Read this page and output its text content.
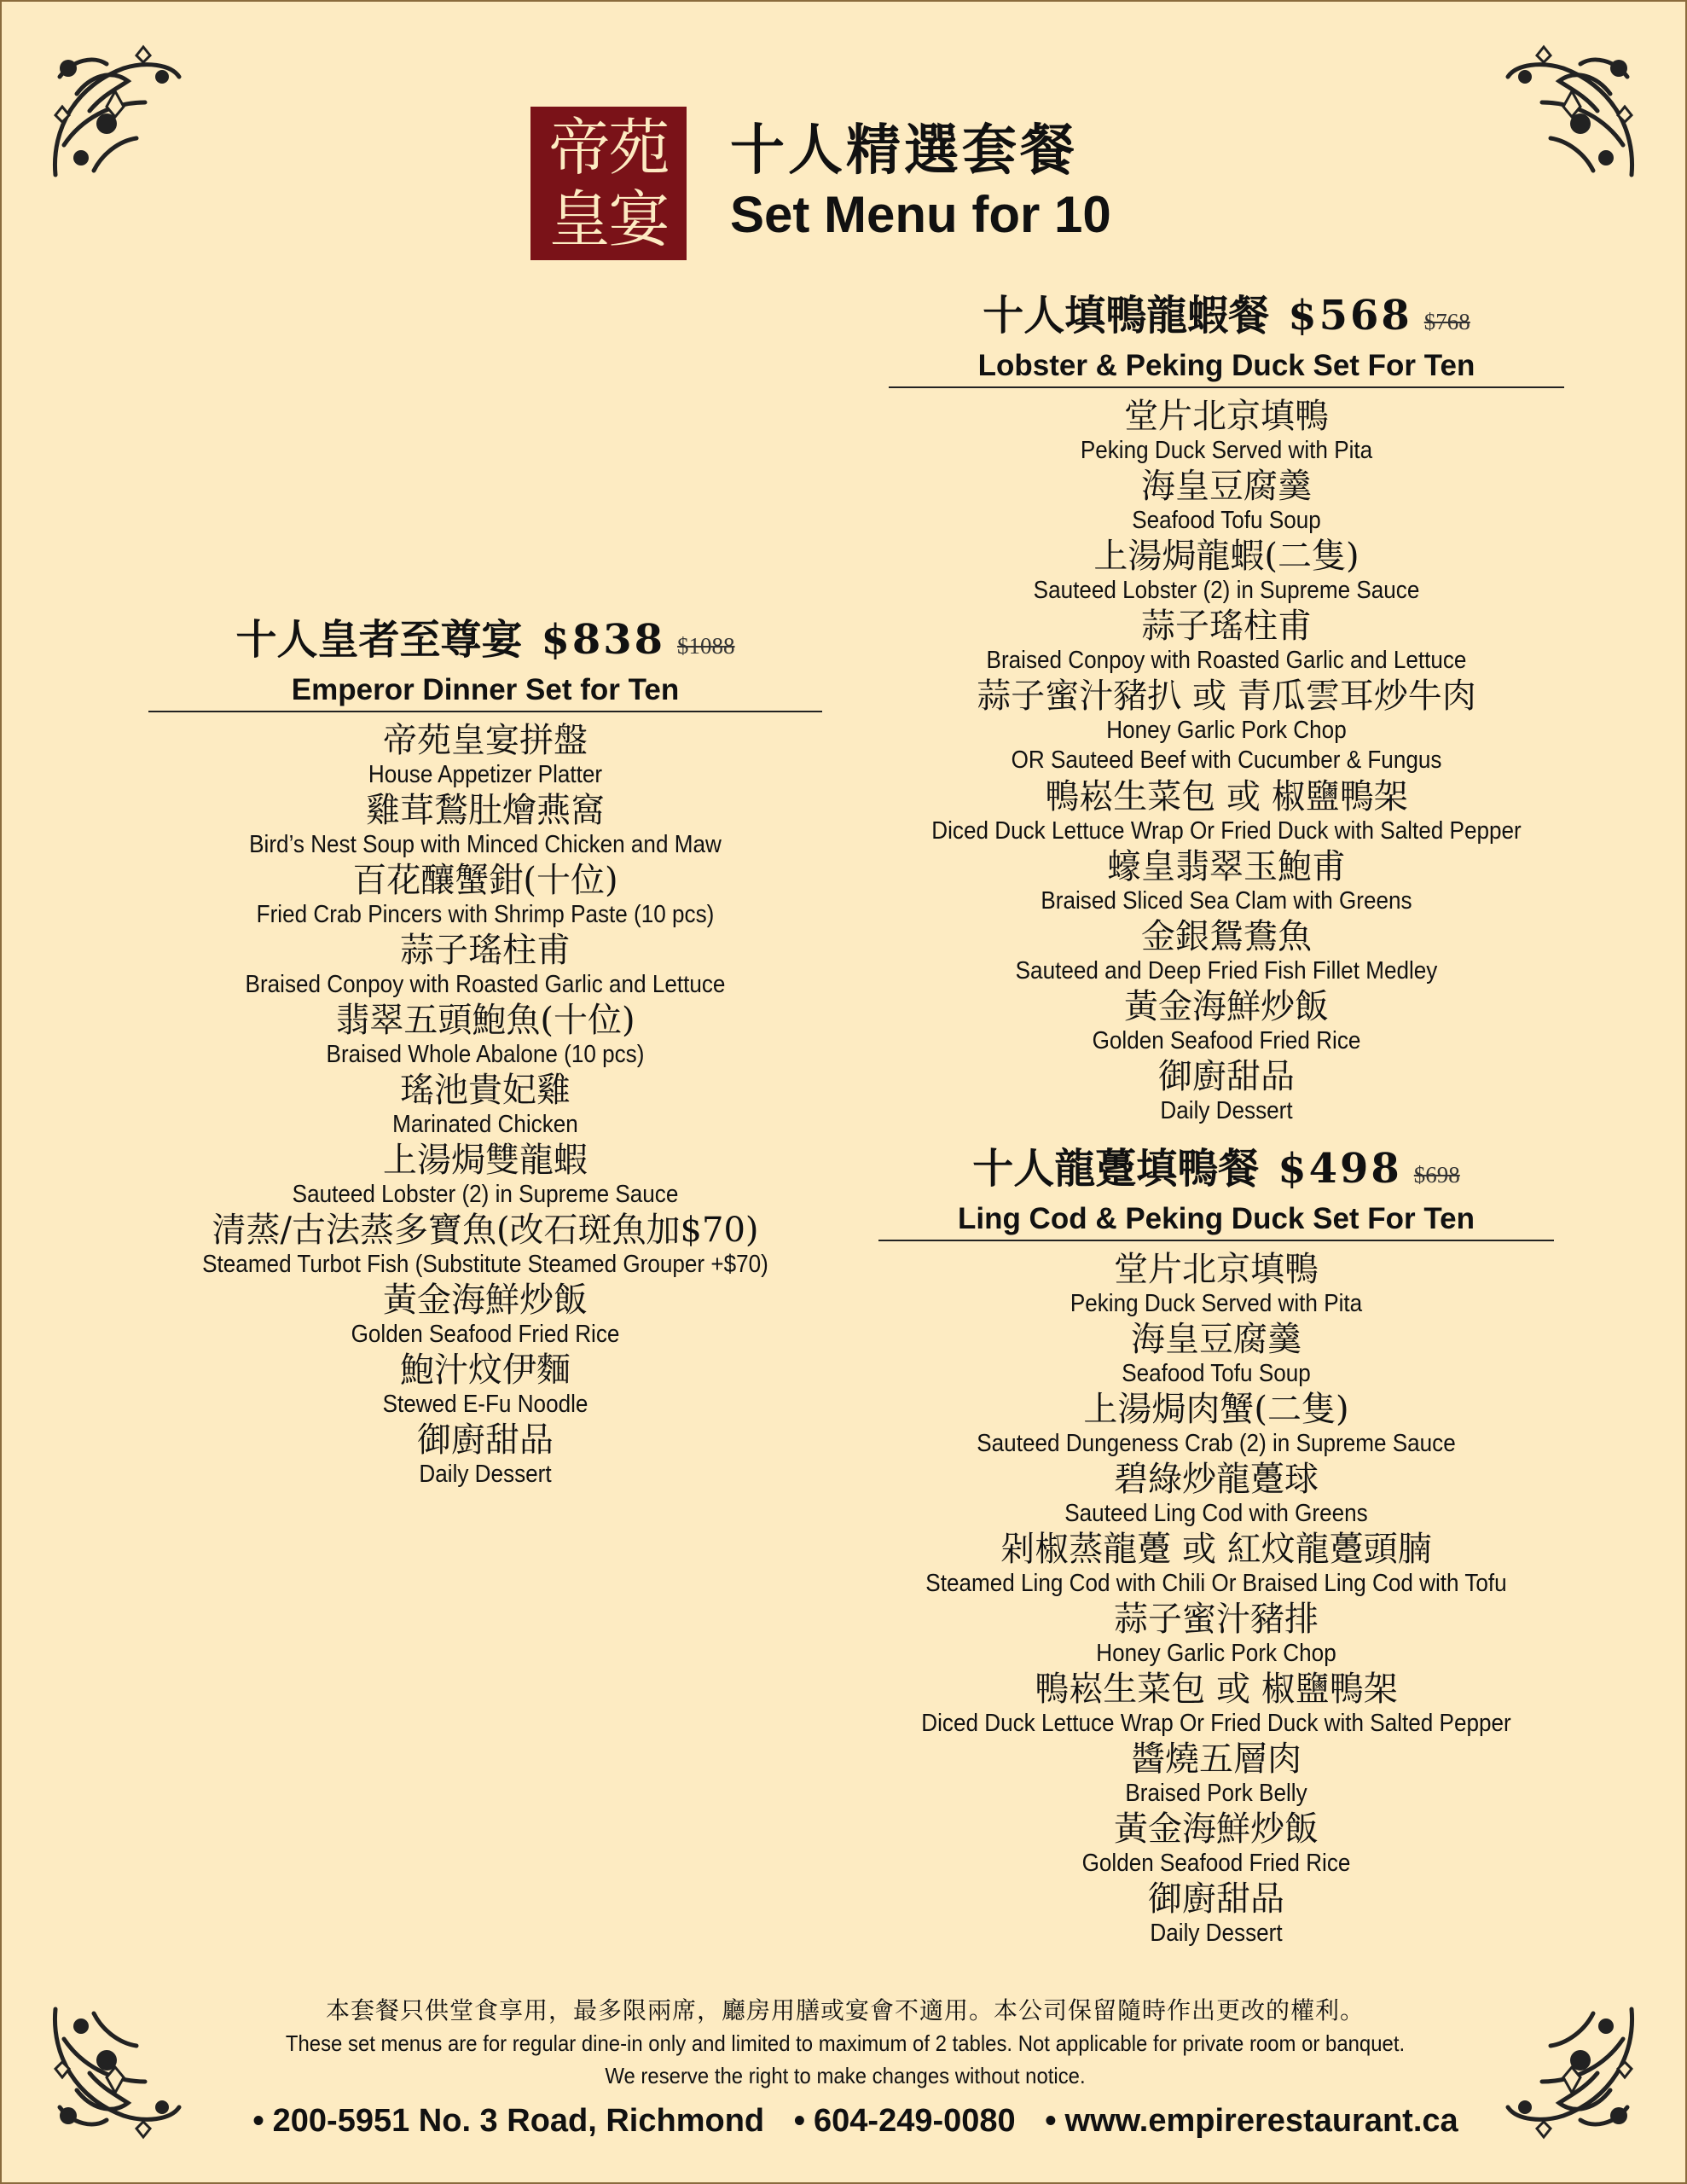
帝苑
皇宴
十人精選套餐
Set Menu for 10
十人皇者至尊宴 $838 $1088
Emperor Dinner Set for Ten
帝苑皇宴拼盤
House Appetizer Platter
雞茸鶖肚燴燕窩
Bird’s Nest Soup with Minced Chicken and Maw
百花釀蟹鉗(十位)
Fried Crab Pincers with Shrimp Paste (10 pcs)
蒜子瑤柱甫
Braised Conpoy with Roasted Garlic and Lettuce
翡翠五頭鮑魚(十位)
Braised Whole Abalone (10 pcs)
瑤池貴妃雞
Marinated Chicken
上湯焗雙龍蝦
Sauteed Lobster (2) in Supreme Sauce
清蒸/古法蒸多寶魚(改石斑魚加$70)
Steamed Turbot Fish (Substitute Steamed Grouper +$70)
黃金海鮮炒飯
Golden Seafood Fried Rice
鮑汁炆伊麵
Stewed E-Fu Noodle
御廚甜品
Daily Dessert
十人填鴨龍蝦餐 $568 $768
Lobster & Peking Duck Set For Ten
堂片北京填鴨
Peking Duck Served with Pita
海皇豆腐羹
Seafood Tofu Soup
上湯焗龍蝦(二隻)
Sauteed Lobster (2) in Supreme Sauce
蒜子瑤柱甫
Braised Conpoy with Roasted Garlic and Lettuce
蒜子蜜汁豬扒 或 青瓜雲耳炒牛肉
Honey Garlic Pork Chop
OR Sauteed Beef with Cucumber & Fungus
鴨崧生菜包 或 椒鹽鴨架
Diced Duck Lettuce Wrap Or Fried Duck with Salted Pepper
蠔皇翡翠玉鮑甫
Braised Sliced Sea Clam with Greens
金銀鴛鴦魚
Sauteed and Deep Fried Fish Fillet Medley
黃金海鮮炒飯
Golden Seafood Fried Rice
御廚甜品
Daily Dessert
十人龍躉填鴨餐 $498 $698
Ling Cod & Peking Duck Set For Ten
堂片北京填鴨
Peking Duck Served with Pita
海皇豆腐羹
Seafood Tofu Soup
上湯焗肉蟹(二隻)
Sauteed Dungeness Crab (2) in Supreme Sauce
碧綠炒龍躉球
Sauteed Ling Cod with Greens
剁椒蒸龍躉 或 紅炆龍躉頭腩
Steamed Ling Cod with Chili Or Braised Ling Cod with Tofu
蒜子蜜汁豬排
Honey Garlic Pork Chop
鴨崧生菜包 或 椒鹽鴨架
Diced Duck Lettuce Wrap Or Fried Duck with Salted Pepper
醬燒五層肉
Braised Pork Belly
黃金海鮮炒飯
Golden Seafood Fried Rice
御廚甜品
Daily Dessert
本套餐只供堂食享用，最多限兩席，廳房用膳或宴會不適用。本公司保留隨時作出更改的權利。
These set menus are for regular dine-in only and limited to maximum of 2 tables. Not applicable for private room or banquet.
We reserve the right to make changes without notice.
• 200-5951 No. 3 Road, Richmond • 604-249-0080 • www.empirerestaurant.ca
